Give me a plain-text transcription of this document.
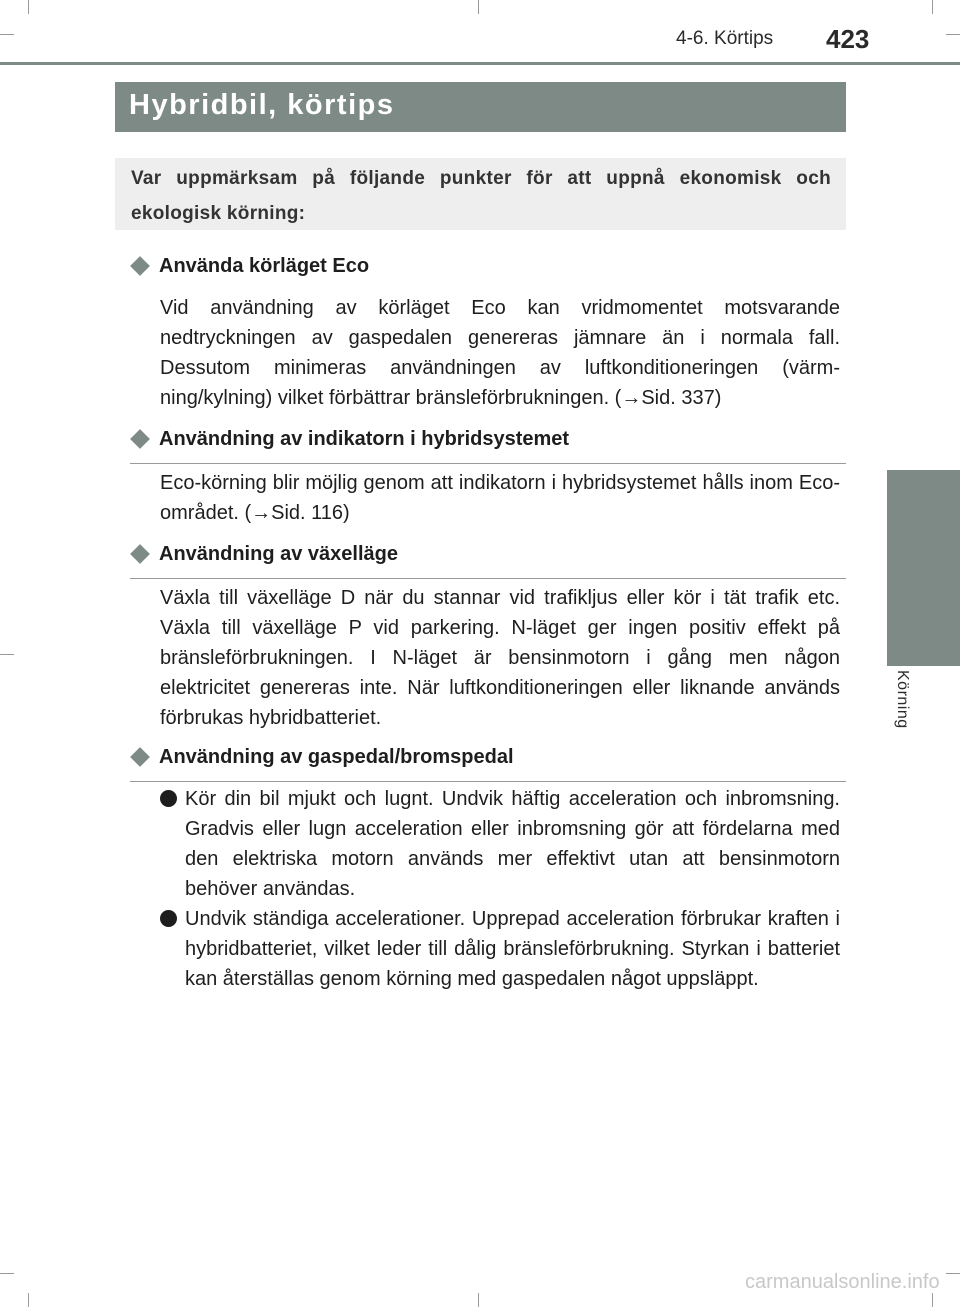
4-6. Körtips 423
4
Körning
Hybridbil, körtips
Var uppmärksam på följande punkter för att uppnå ekonomisk och ekologisk körning:
Använda körläget Eco
Vid användning av körläget Eco kan vridmomentet motsvarande nedtryckningen av gaspedalen genereras jämnare än i normala fall. Dessutom minimeras användningen av luftkonditioneringen (värm-ning/kylning) vilket förbättrar bränsleförbrukningen. (→Sid. 337)
Användning av indikatorn i hybridsystemet
Eco-körning blir möjlig genom att indikatorn i hybridsystemet hålls inom Eco-området. (→Sid. 116)
Användning av växelläge
Växla till växelläge D när du stannar vid trafikljus eller kör i tät trafik etc. Växla till växelläge P vid parkering. N-läget ger ingen positiv effekt på bränsleförbrukningen. I N-läget är bensinmotorn i gång men någon elektricitet genereras inte. När luftkonditioneringen eller liknande används förbrukas hybridbatteriet.
Användning av gaspedal/bromspedal
Kör din bil mjukt och lugnt. Undvik häftig acceleration och inbromsning. Gradvis eller lugn acceleration eller inbromsning gör att fördelarna med den elektriska motorn används mer effektivt utan att bensinmotorn behöver användas.
Undvik ständiga accelerationer. Upprepad acceleration förbrukar kraften i hybridbatteriet, vilket leder till dålig bränsleförbrukning. Styrkan i batteriet kan återställas genom körning med gaspedalen något uppsläppt.
carmanualsonline.info
